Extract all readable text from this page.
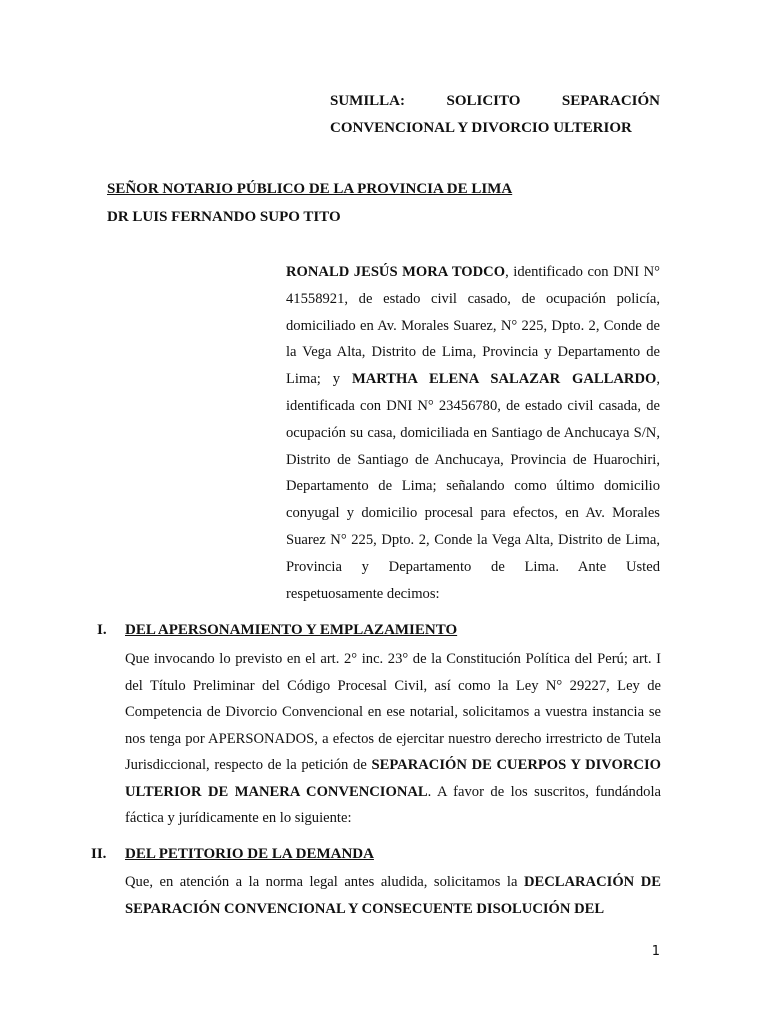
SUMILLA:	SOLICITO	SEPARACIÓN
CONVENCIONAL Y DIVORCIO ULTERIOR
SEÑOR NOTARIO PÚBLICO DE LA PROVINCIA DE LIMA
DR LUIS FERNANDO SUPO TITO
RONALD JESÚS MORA TODCO, identificado con DNI N° 41558921, de estado civil casado, de ocupación policía, domiciliado en Av. Morales Suarez, N° 225, Dpto. 2, Conde de la Vega Alta, Distrito de Lima, Provincia y Departamento de Lima; y MARTHA ELENA SALAZAR GALLARDO, identificada con DNI N° 23456780, de estado civil casada, de ocupación su casa, domiciliada en Santiago de Anchucaya S/N, Distrito de Santiago de Anchucaya, Provincia de Huarochiri, Departamento de Lima; señalando como último domicilio conyugal y domicilio procesal para efectos, en Av. Morales Suarez N° 225, Dpto. 2, Conde la Vega Alta, Distrito de Lima, Provincia y Departamento de Lima. Ante Usted respetuosamente decimos:
I. DEL APERSONAMIENTO Y EMPLAZAMIENTO
Que invocando lo previsto en el art. 2° inc. 23° de la Constitución Política del Perú; art. I del Título Preliminar del Código Procesal Civil, así como la Ley N° 29227, Ley de Competencia de Divorcio Convencional en ese notarial, solicitamos a vuestra instancia se nos tenga por APERSONADOS, a efectos de ejercitar nuestro derecho irrestricto de Tutela Jurisdiccional, respecto de la petición de SEPARACIÓN DE CUERPOS Y DIVORCIO ULTERIOR DE MANERA CONVENCIONAL. A favor de los suscritos, fundándola fáctica y jurídicamente en lo siguiente:
II. DEL PETITORIO DE LA DEMANDA
Que, en atención a la norma legal antes aludida, solicitamos la DECLARACIÓN DE SEPARACIÓN CONVENCIONAL Y CONSECUENTE DISOLUCIÓN DEL
1
